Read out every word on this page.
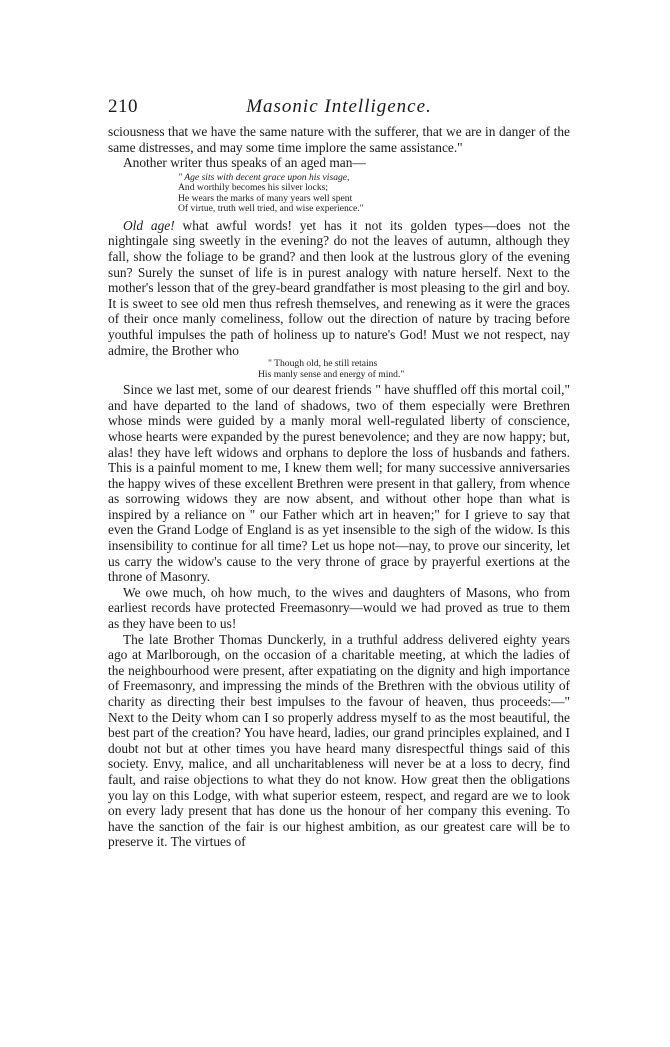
210	Masonic Intelligence.

sciousness that we have the same nature with the sufferer, that we are in danger of the same distresses, and may some time implore the same assistance."

Another writer thus speaks of an aged man—

" Age sits with decent grace upon his visage,
And worthily becomes his silver locks;
He wears the marks of many years well spent
Of virtue, truth well tried, and wise experience."

Old age! what awful words! yet has it not its golden types—does not the nightingale sing sweetly in the evening? do not the leaves of autumn, although they fall, show the foliage to be grand? and then look at the lustrous glory of the evening sun? Surely the sunset of life is in purest analogy with nature herself. Next to the mother's lesson that of the grey-beard grandfather is most pleasing to the girl and boy. It is sweet to see old men thus refresh themselves, and renewing as it were the graces of their once manly comeliness, follow out the direction of nature by tracing before youthful impulses the path of holiness up to nature's God! Must we not respect, nay admire, the Brother who

" Though old, he still retains
His manly sense and energy of mind."

Since we last met, some of our dearest friends " have shuffled off this mortal coil," and have departed to the land of shadows, two of them especially were Brethren whose minds were guided by a manly moral well-regulated liberty of conscience, whose hearts were expanded by the purest benevolence; and they are now happy; but, alas! they have left widows and orphans to deplore the loss of husbands and fathers. This is a painful moment to me, I knew them well; for many successive anniversaries the happy wives of these excellent Brethren were present in that gallery, from whence as sorrowing widows they are now absent, and without other hope than what is inspired by a reliance on " our Father which art in heaven;" for I grieve to say that even the Grand Lodge of England is as yet insensible to the sigh of the widow. Is this insensibility to continue for all time? Let us hope not—nay, to prove our sincerity, let us carry the widow's cause to the very throne of grace by prayerful exertions at the throne of Masonry.

We owe much, oh how much, to the wives and daughters of Masons, who from earliest records have protected Freemasonry—would we had proved as true to them as they have been to us!

The late Brother Thomas Dunckerly, in a truthful address delivered eighty years ago at Marlborough, on the occasion of a charitable meeting, at which the ladies of the neighbourhood were present, after expatiating on the dignity and high importance of Freemasonry, and impressing the minds of the Brethren with the obvious utility of charity as directing their best impulses to the favour of heaven, thus proceeds:—" Next to the Deity whom can I so properly address myself to as the most beautiful, the best part of the creation? You have heard, ladies, our grand principles explained, and I doubt not but at other times you have heard many disrespectful things said of this society. Envy, malice, and all uncharitableness will never be at a loss to decry, find fault, and raise objections to what they do not know. How great then the obligations you lay on this Lodge, with what superior esteem, respect, and regard are we to look on every lady present that has done us the honour of her company this evening. To have the sanction of the fair is our highest ambition, as our greatest care will be to preserve it. The virtues of
